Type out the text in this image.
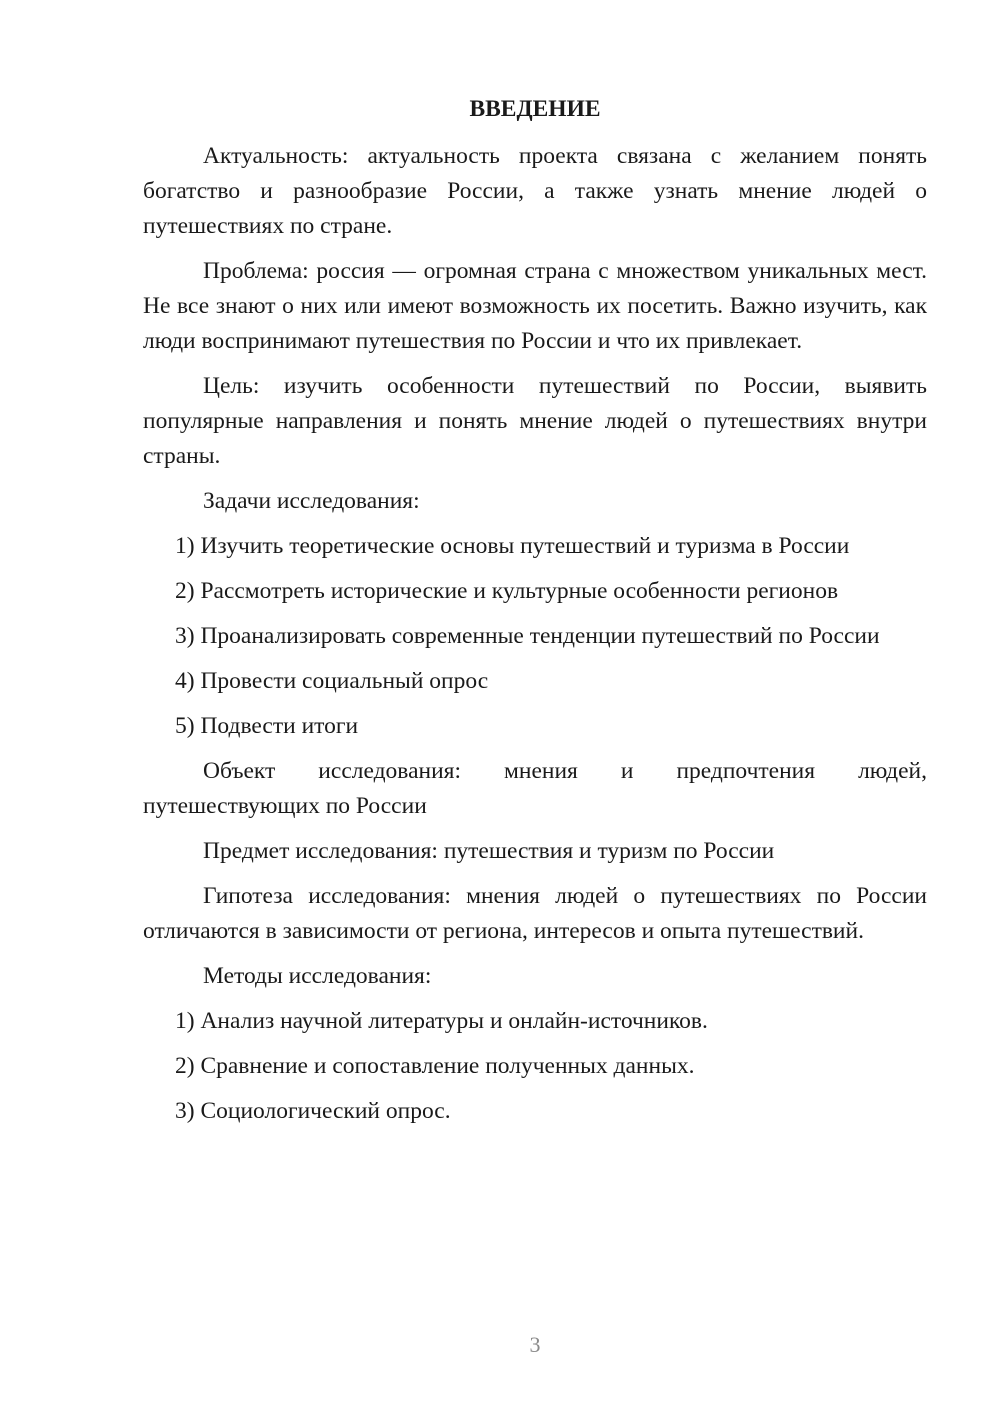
ВВЕДЕНИЕ

Актуальность: актуальность проекта связана с желанием понять богатство и разнообразие России, а также узнать мнение людей о путешествиях по стране.

Проблема: россия — огромная страна с множеством уникальных мест. Не все знают о них или имеют возможность их посетить. Важно изучить, как люди воспринимают путешествия по России и что их привлекает.

Цель: изучить особенности путешествий по России, выявить популярные направления и понять мнение людей о путешествиях внутри страны.

Задачи исследования:
1) Изучить теоретические основы путешествий и туризма в России
2) Рассмотреть исторические и культурные особенности регионов
3) Проанализировать современные тенденции путешествий по России
4) Провести социальный опрос
5) Подвести итоги
Объект исследования: мнения и предпочтения людей,
путешествующих по России
Предмет исследования: путешествия и туризм по России

Гипотеза исследования: мнения людей о путешествиях по России отличаются в зависимости от региона, интересов и опыта путешествий.

Методы исследования:
1) Анализ научной литературы и онлайн-источников.
2) Сравнение и сопоставление полученных данных.
3) Социологический опрос.
3
